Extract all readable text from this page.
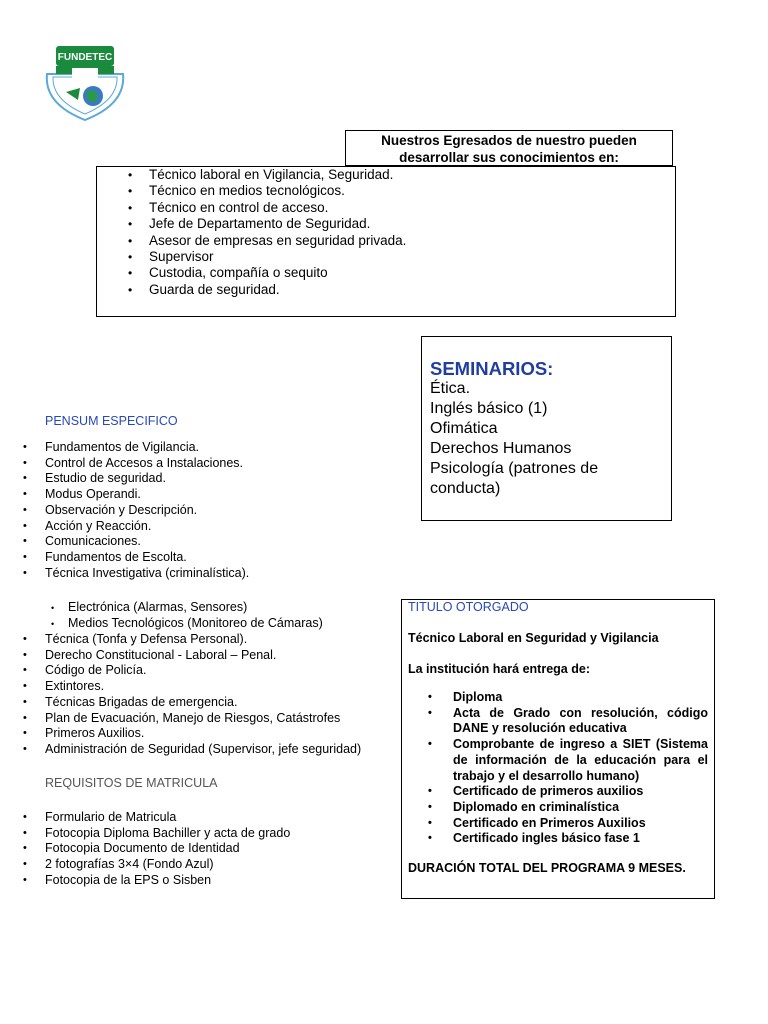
FUNDETEC
Nuestros Egresados de nuestro pueden
desarrollar sus conocimientos en:
• Técnico laboral en Vigilancia, Seguridad.
• Técnico en medios tecnológicos.
• Técnico en control de acceso.
• Jefe de Departamento de Seguridad.
• Asesor de empresas en seguridad privada.
• Supervisor
• Custodia, compañía o sequito
• Guarda de seguridad.
SEMINARIOS:
Ética.
Inglés básico (1)
Ofimática
Derechos Humanos
Psicología (patrones de
conducta)
PENSUM ESPECIFICO
• Fundamentos de Vigilancia.
• Control de Accesos a Instalaciones.
• Estudio de seguridad.
• Modus Operandi.
• Observación y Descripción.
• Acción y Reacción.
• Comunicaciones.
• Fundamentos de Escolta.
• Técnica Investigativa (criminalística).
• Electrónica (Alarmas, Sensores)
• Medios Tecnológicos (Monitoreo de Cámaras)
• Técnica (Tonfa y Defensa Personal).
• Derecho Constitucional - Laboral – Penal.
• Código de Policía.
• Extintores.
• Técnicas Brigadas de emergencia.
• Plan de Evacuación, Manejo de Riesgos, Catástrofes
• Primeros Auxilios.
• Administración de Seguridad (Supervisor, jefe seguridad)
REQUISITOS DE MATRICULA
• Formulario de Matricula
• Fotocopia Diploma Bachiller y acta de grado
• Fotocopia Documento de Identidad
• 2 fotografías 3×4 (Fondo Azul)
• Fotocopia de la EPS o Sisben
TITULO OTORGADO
Técnico Laboral en Seguridad y Vigilancia
La institución hará entrega de:
• Diploma
• Acta de Grado con resolución, código DANE y resolución educativa
• Comprobante de ingreso a SIET (Sistema de información de la educación para el trabajo y el desarrollo humano)
• Certificado de primeros auxilios
• Diplomado en criminalística
• Certificado en Primeros Auxilios
• Certificado ingles básico fase 1
DURACIÓN TOTAL DEL PROGRAMA 9 MESES.
